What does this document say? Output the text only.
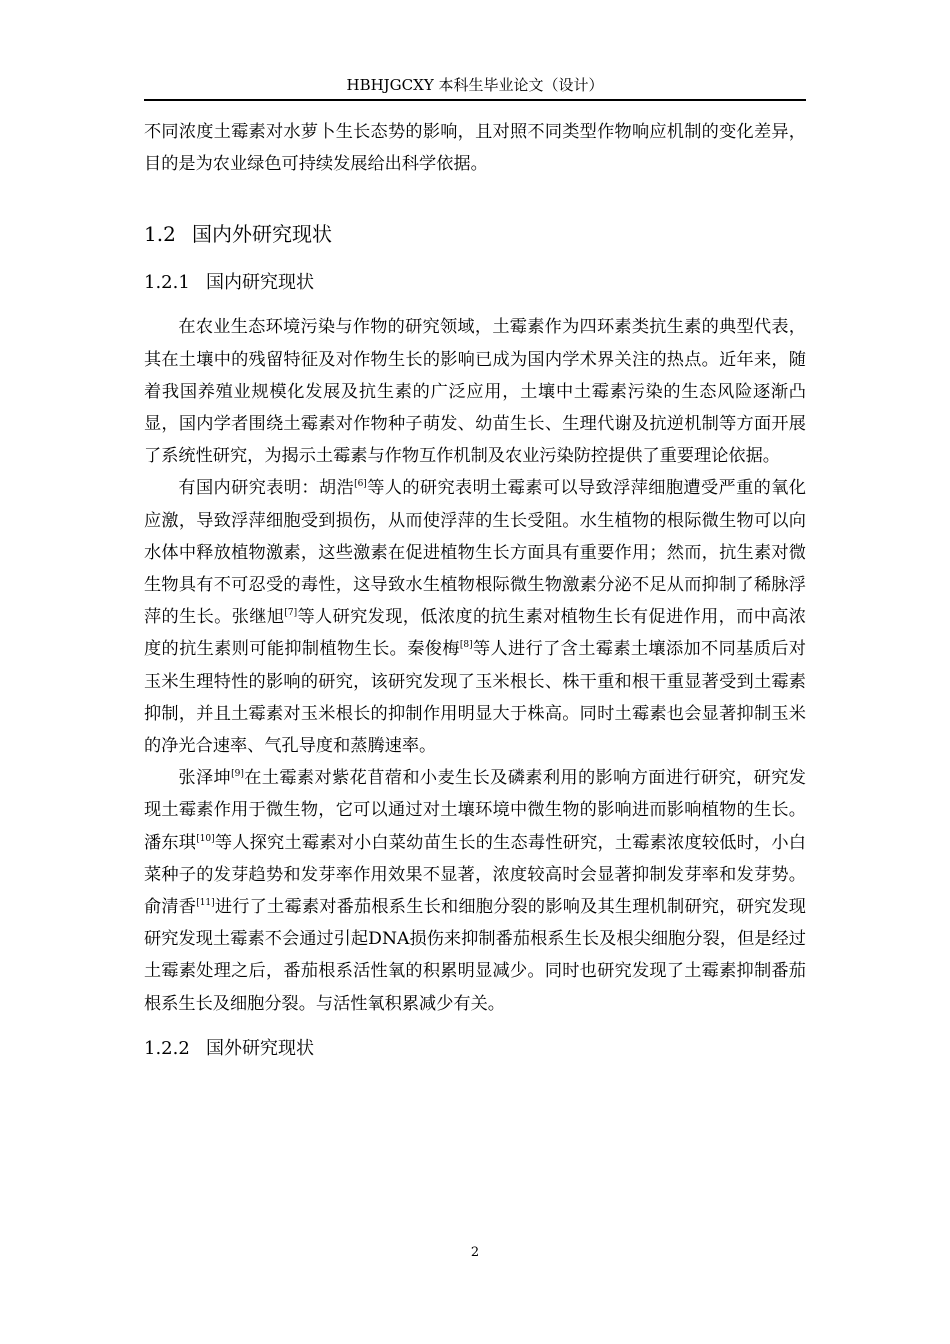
HBHJGCXY 本科生毕业论文（设计）

不同浓度土霉素对水萝卜生长态势的影响，且对照不同类型作物响应机制的变化差异，目的是为农业绿色可持续发展给出科学依据。

1.2 国内外研究现状
1.2.1 国内研究现状

在农业生态环境污染与作物的研究领域，土霉素作为四环素类抗生素的典型代表，其在土壤中的残留特征及对作物生长的影响已成为国内学术界关注的热点。近年来，随着我国养殖业规模化发展及抗生素的广泛应用，土壤中土霉素污染的生态风险逐渐凸显，国内学者围绕土霉素对作物种子萌发、幼苗生长、生理代谢及抗逆机制等方面开展了系统性研究，为揭示土霉素与作物互作机制及农业污染防控提供了重要理论依据。

有国内研究表明：胡浩[6]等人的研究表明土霉素可以导致浮萍细胞遭受严重的氧化应激，导致浮萍细胞受到损伤，从而使浮萍的生长受阻。水生植物的根际微生物可以向水体中释放植物激素，这些激素在促进植物生长方面具有重要作用；然而，抗生素对微生物具有不可忍受的毒性，这导致水生植物根际微生物激素分泌不足从而抑制了稀脉浮萍的生长。张继旭[7]等人研究发现，低浓度的抗生素对植物生长有促进作用，而中高浓度的抗生素则可能抑制植物生长。秦俊梅[8]等人进行了含土霉素土壤添加不同基质后对玉米生理特性的影响的研究，该研究发现了玉米根长、株干重和根干重显著受到土霉素抑制，并且土霉素对玉米根长的抑制作用明显大于株高。同时土霉素也会显著抑制玉米的净光合速率、气孔导度和蒸腾速率。

张泽坤[9]在土霉素对紫花苜蓿和小麦生长及磷素利用的影响方面进行研究，研究发现土霉素作用于微生物，它可以通过对土壤环境中微生物的影响进而影响植物的生长。潘东琪[10]等人探究土霉素对小白菜幼苗生长的生态毒性研究，土霉素浓度较低时，小白菜种子的发芽趋势和发芽率作用效果不显著，浓度较高时会显著抑制发芽率和发芽势。俞清香[11]进行了土霉素对番茄根系生长和细胞分裂的影响及其生理机制研究，研究发现研究发现土霉素不会通过引起DNA损伤来抑制番茄根系生长及根尖细胞分裂，但是经过土霉素处理之后，番茄根系活性氧的积累明显减少。同时也研究发现了土霉素抑制番茄根系生长及细胞分裂。与活性氧积累减少有关。

1.2.2 国外研究现状
2
